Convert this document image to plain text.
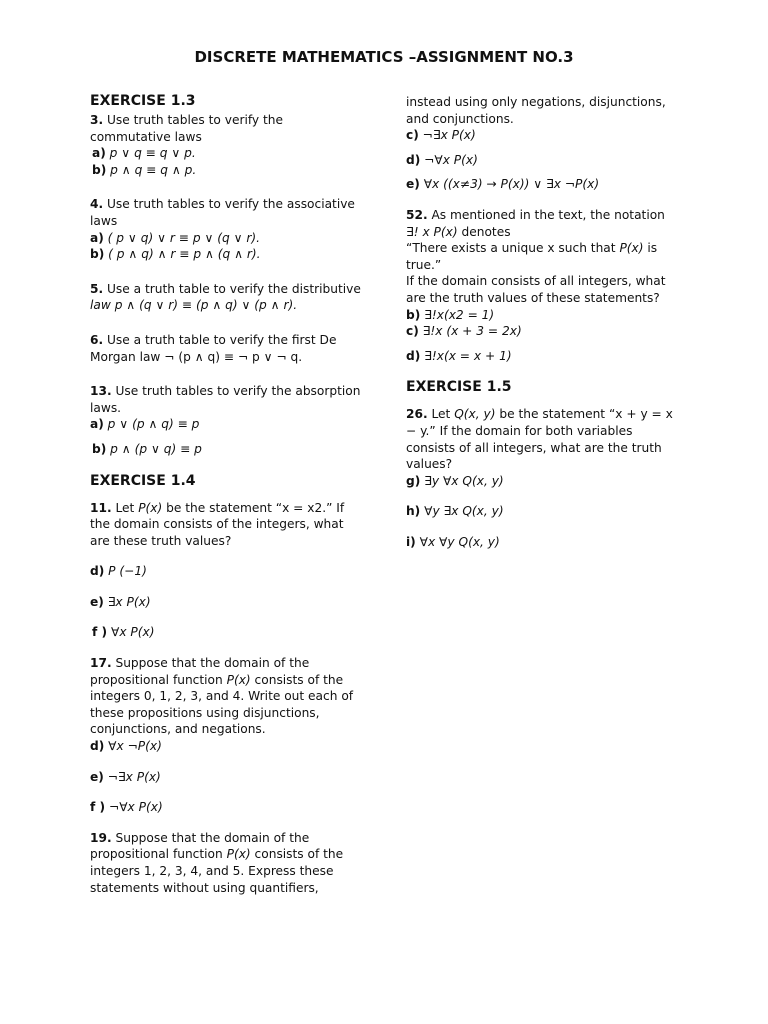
DISCRETE MATHEMATICS –ASSIGNMENT NO.3
EXERCISE 1.3
3. Use truth tables to verify the
commutative laws
a) p ∨ q ≡ q ∨ p.
b) p ∧ q ≡ q ∧ p.
4. Use truth tables to verify the associative
laws
a) ( p ∨ q) ∨ r ≡ p ∨ (q ∨ r).
b) ( p ∧ q) ∧ r ≡ p ∧ (q ∧ r).
5. Use a truth table to verify the distributive
law p ∧ (q ∨ r) ≡ (p ∧ q) ∨ (p ∧ r).
6. Use a truth table to verify the first De
Morgan law ¬ (p ∧ q) ≡ ¬ p ∨ ¬ q.
13. Use truth tables to verify the absorption
laws.
a) p ∨ (p ∧ q) ≡ p
b) p ∧ (p ∨ q) ≡ p
EXERCISE 1.4
11. Let P(x) be the statement “x = x2.” If
the domain consists of the integers, what
are these truth values?
d) P (−1)
e) ∃x P(x)
f ) ∀x P(x)
17. Suppose that the domain of the
propositional function P(x) consists of the
integers 0, 1, 2, 3, and 4. Write out each of
these propositions using disjunctions,
conjunctions, and negations.
d) ∀x ¬P(x)
e) ¬∃x P(x)
f ) ¬∀x P(x)
19. Suppose that the domain of the
propositional function P(x) consists of the
integers 1, 2, 3, 4, and 5. Express these
statements without using quantifiers,
instead using only negations, disjunctions,
and conjunctions.
c) ¬∃x P(x)
d) ¬∀x P(x)
e) ∀x ((x≠3) → P(x)) ∨ ∃x ¬P(x)
52. As mentioned in the text, the notation
∃! x P(x) denotes
“There exists a unique x such that P(x) is
true.”
If the domain consists of all integers, what
are the truth values of these statements?
b) ∃!x(x2 = 1)
c) ∃!x (x + 3 = 2x)
d) ∃!x(x = x + 1)
EXERCISE 1.5
26. Let Q(x, y) be the statement “x + y = x
− y.” If the domain for both variables
consists of all integers, what are the truth
values?
g) ∃y ∀x Q(x, y)
h) ∀y ∃x Q(x, y)
i) ∀x ∀y Q(x, y)
